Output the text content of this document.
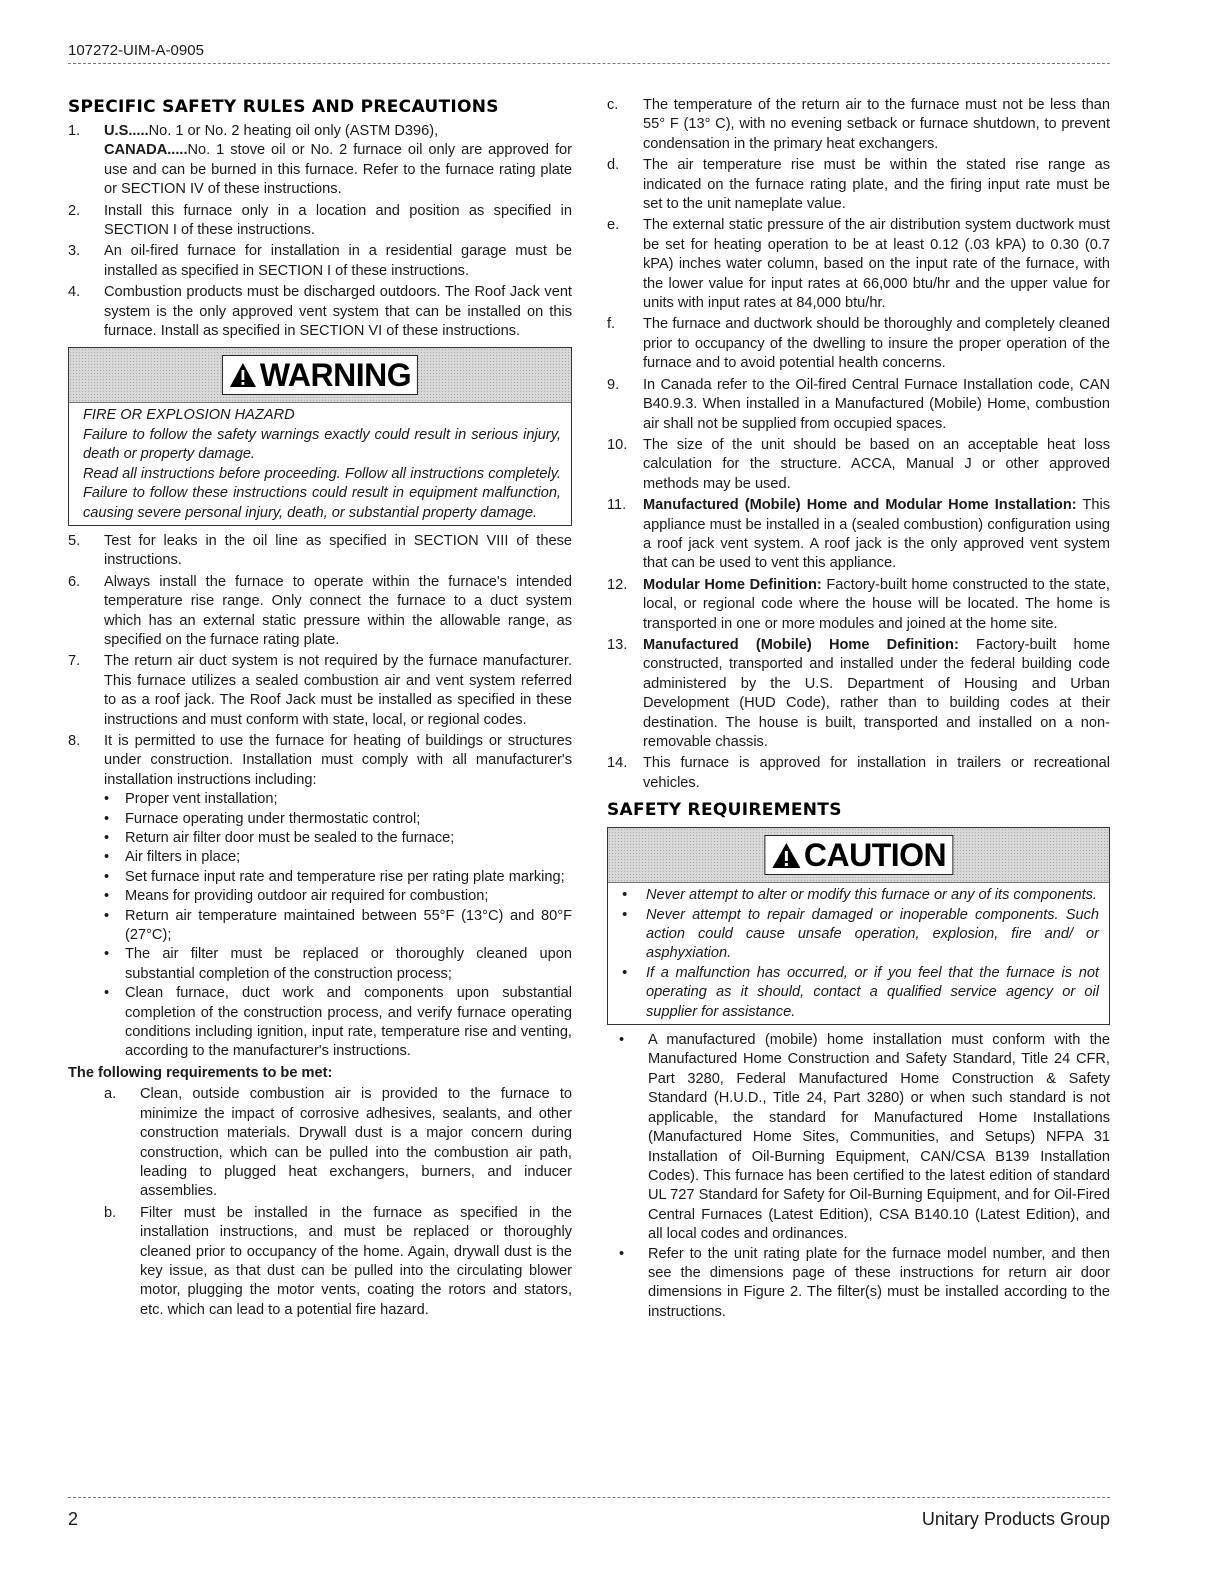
107272-UIM-A-0905
SPECIFIC SAFETY RULES AND PRECAUTIONS
1.	U.S.....No. 1 or No. 2 heating oil only (ASTM D396),
CANADA.....No. 1 stove oil or No. 2 furnace oil only are approved for use and can be burned in this furnace. Refer to the furnace rating plate or SECTION IV of these instructions.
2.	Install this furnace only in a location and position as specified in SECTION I of these instructions.
3.	An oil-fired furnace for installation in a residential garage must be installed as specified in SECTION I of these instructions.
4.	Combustion products must be discharged outdoors. The Roof Jack vent system is the only approved vent system that can be installed on this furnace. Install as specified in SECTION VI of these instructions.
WARNING

FIRE OR EXPLOSION HAZARD

Failure to follow the safety warnings exactly could result in serious injury, death or property damage.

Read all instructions before proceeding. Follow all instructions completely. Failure to follow these instructions could result in equipment malfunction, causing severe personal injury, death, or substantial property damage.

5.	Test for leaks in the oil line as specified in SECTION VIII of these instructions.
6.	Always install the furnace to operate within the furnace's intended temperature rise range. Only connect the furnace to a duct system which has an external static pressure within the allowable range, as specified on the furnace rating plate.
7.	The return air duct system is not required by the furnace manufacturer. This furnace utilizes a sealed combustion air and vent system referred to as a roof jack. The Roof Jack must be installed as specified in these instructions and must conform with state, local, or regional codes.
8.	It is permitted to use the furnace for heating of buildings or structures under construction. Installation must comply with all manufacturer's installation instructions including:
• Proper vent installation;
• Furnace operating under thermostatic control;
• Return air filter door must be sealed to the furnace;
• Air filters in place;
• Set furnace input rate and temperature rise per rating plate marking;
• Means for providing outdoor air required for combustion;
• Return air temperature maintained between 55°F (13°C) and 80°F (27°C);
• The air filter must be replaced or thoroughly cleaned upon substantial completion of the construction process;
• Clean furnace, duct work and components upon substantial completion of the construction process, and verify furnace operating conditions including ignition, input rate, temperature rise and venting, according to the manufacturer's instructions.
The following requirements to be met:
a.	Clean, outside combustion air is provided to the furnace to minimize the impact of corrosive adhesives, sealants, and other construction materials. Drywall dust is a major concern during construction, which can be pulled into the combustion air path, leading to plugged heat exchangers, burners, and inducer assemblies.
b.	Filter must be installed in the furnace as specified in the installation instructions, and must be replaced or thoroughly cleaned prior to occupancy of the home. Again, drywall dust is the key issue, as that dust can be pulled into the circulating blower motor, plugging the motor vents, coating the rotors and stators, etc. which can lead to a potential fire hazard.
c.	The temperature of the return air to the furnace must not be less than 55° F (13° C), with no evening setback or furnace shutdown, to prevent condensation in the primary heat exchangers.
d.	The air temperature rise must be within the stated rise range as indicated on the furnace rating plate, and the firing input rate must be set to the unit nameplate value.
e.	The external static pressure of the air distribution system ductwork must be set for heating operation to be at least 0.12 (.03 kPA) to 0.30 (0.7 kPA) inches water column, based on the input rate of the furnace, with the lower value for input rates at 66,000 btu/hr and the upper value for units with input rates at 84,000 btu/hr.
f.	The furnace and ductwork should be thoroughly and completely cleaned prior to occupancy of the dwelling to insure the proper operation of the furnace and to avoid potential health concerns.
9.	In Canada refer to the Oil-fired Central Furnace Installation code, CAN B40.9.3. When installed in a Manufactured (Mobile) Home, combustion air shall not be supplied from occupied spaces.
10.	The size of the unit should be based on an acceptable heat loss calculation for the structure. ACCA, Manual J or other approved methods may be used.
11.	Manufactured (Mobile) Home and Modular Home Installation: This appliance must be installed in a (sealed combustion) configuration using a roof jack vent system. A roof jack is the only approved vent system that can be used to vent this appliance.
12.	Modular Home Definition: Factory-built home constructed to the state, local, or regional code where the house will be located. The home is transported in one or more modules and joined at the home site.
13.	Manufactured (Mobile) Home Definition: Factory-built home constructed, transported and installed under the federal building code administered by the U.S. Department of Housing and Urban Development (HUD Code), rather than to building codes at their destination. The house is built, transported and installed on a non-removable chassis.
14.	This furnace is approved for installation in trailers or recreational vehicles.
SAFETY REQUIREMENTS
CAUTION
• Never attempt to alter or modify this furnace or any of its components.
• Never attempt to repair damaged or inoperable components. Such action could cause unsafe operation, explosion, fire and/ or asphyxiation.
• If a malfunction has occurred, or if you feel that the furnace is not operating as it should, contact a qualified service agency or oil supplier for assistance.
• A manufactured (mobile) home installation must conform with the Manufactured Home Construction and Safety Standard, Title 24 CFR, Part 3280, Federal Manufactured Home Construction & Safety Standard (H.U.D., Title 24, Part 3280) or when such standard is not applicable, the standard for Manufactured Home Installations (Manufactured Home Sites, Communities, and Setups) NFPA 31 Installation of Oil-Burning Equipment, CAN/CSA B139 Installation Codes). This furnace has been certified to the latest edition of standard UL 727 Standard for Safety for Oil-Burning Equipment, and for Oil-Fired Central Furnaces (Latest Edition), CSA B140.10 (Latest Edition), and all local codes and ordinances.
• Refer to the unit rating plate for the furnace model number, and then see the dimensions page of these instructions for return air door dimensions in Figure 2. The filter(s) must be installed according to the instructions.
2	Unitary Products Group
